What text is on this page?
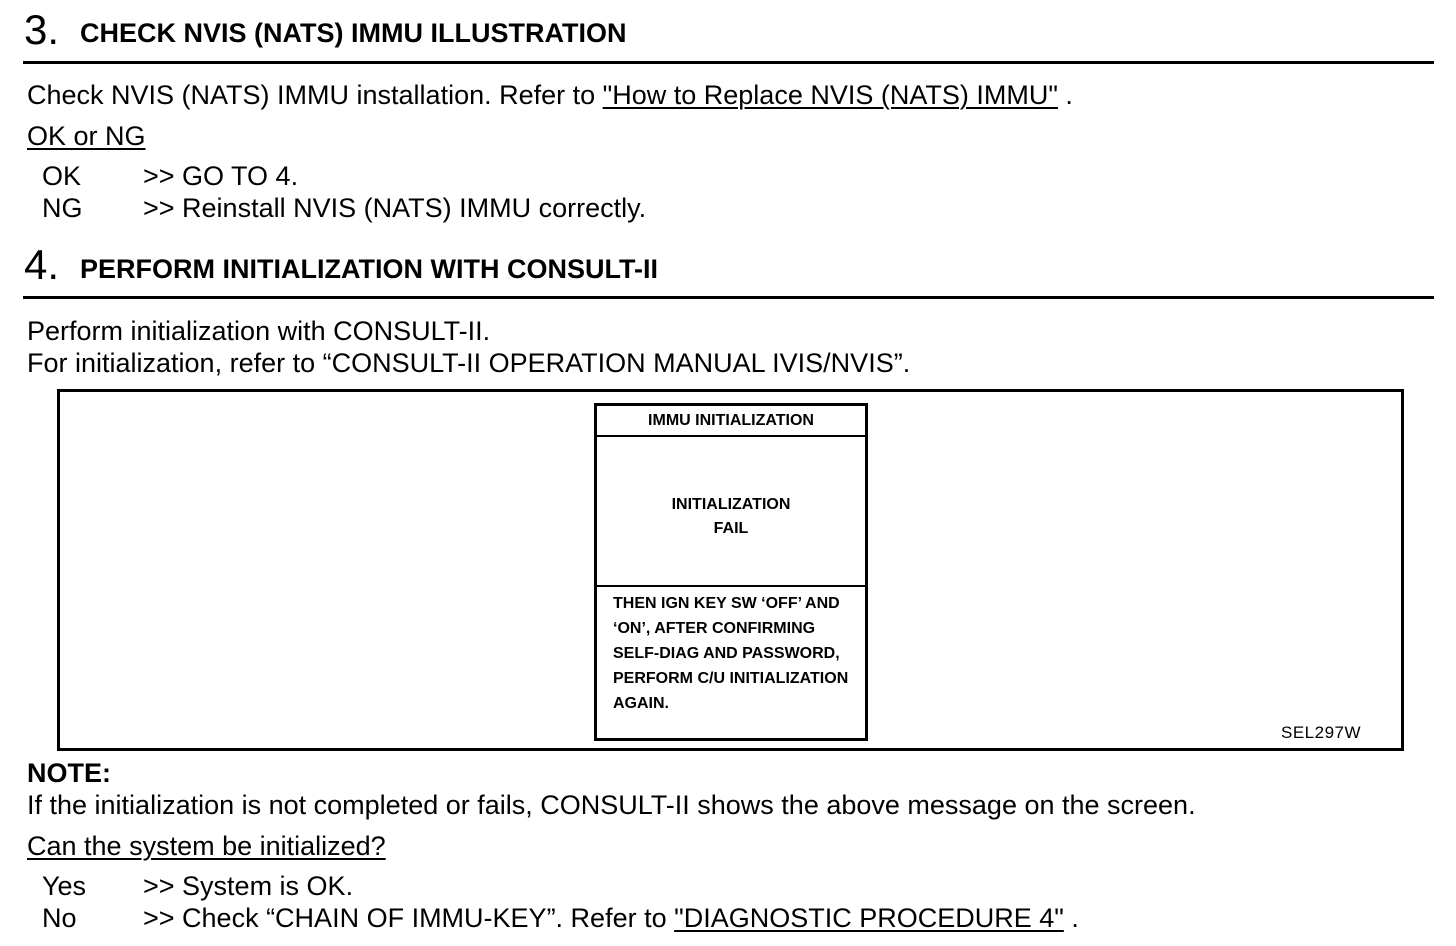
3. CHECK NVIS (NATS) IMMU ILLUSTRATION
Check NVIS (NATS) IMMU installation. Refer to "How to Replace NVIS (NATS) IMMU" .
OK or NG
OK >> GO TO 4.
NG >> Reinstall NVIS (NATS) IMMU correctly.
4. PERFORM INITIALIZATION WITH CONSULT-II
Perform initialization with CONSULT-II.
For initialization, refer to “CONSULT-II OPERATION MANUAL IVIS/NVIS”.
IMMU INITIALIZATION
INITIALIZATION
FAIL
THEN IGN KEY SW ‘OFF’ AND
‘ON’, AFTER CONFIRMING
SELF-DIAG AND PASSWORD,
PERFORM C/U INITIALIZATION
AGAIN.
SEL297W
NOTE:
If the initialization is not completed or fails, CONSULT-II shows the above message on the screen.
Can the system be initialized?
Yes >> System is OK.
No >> Check “CHAIN OF IMMU-KEY”. Refer to "DIAGNOSTIC PROCEDURE 4" .
